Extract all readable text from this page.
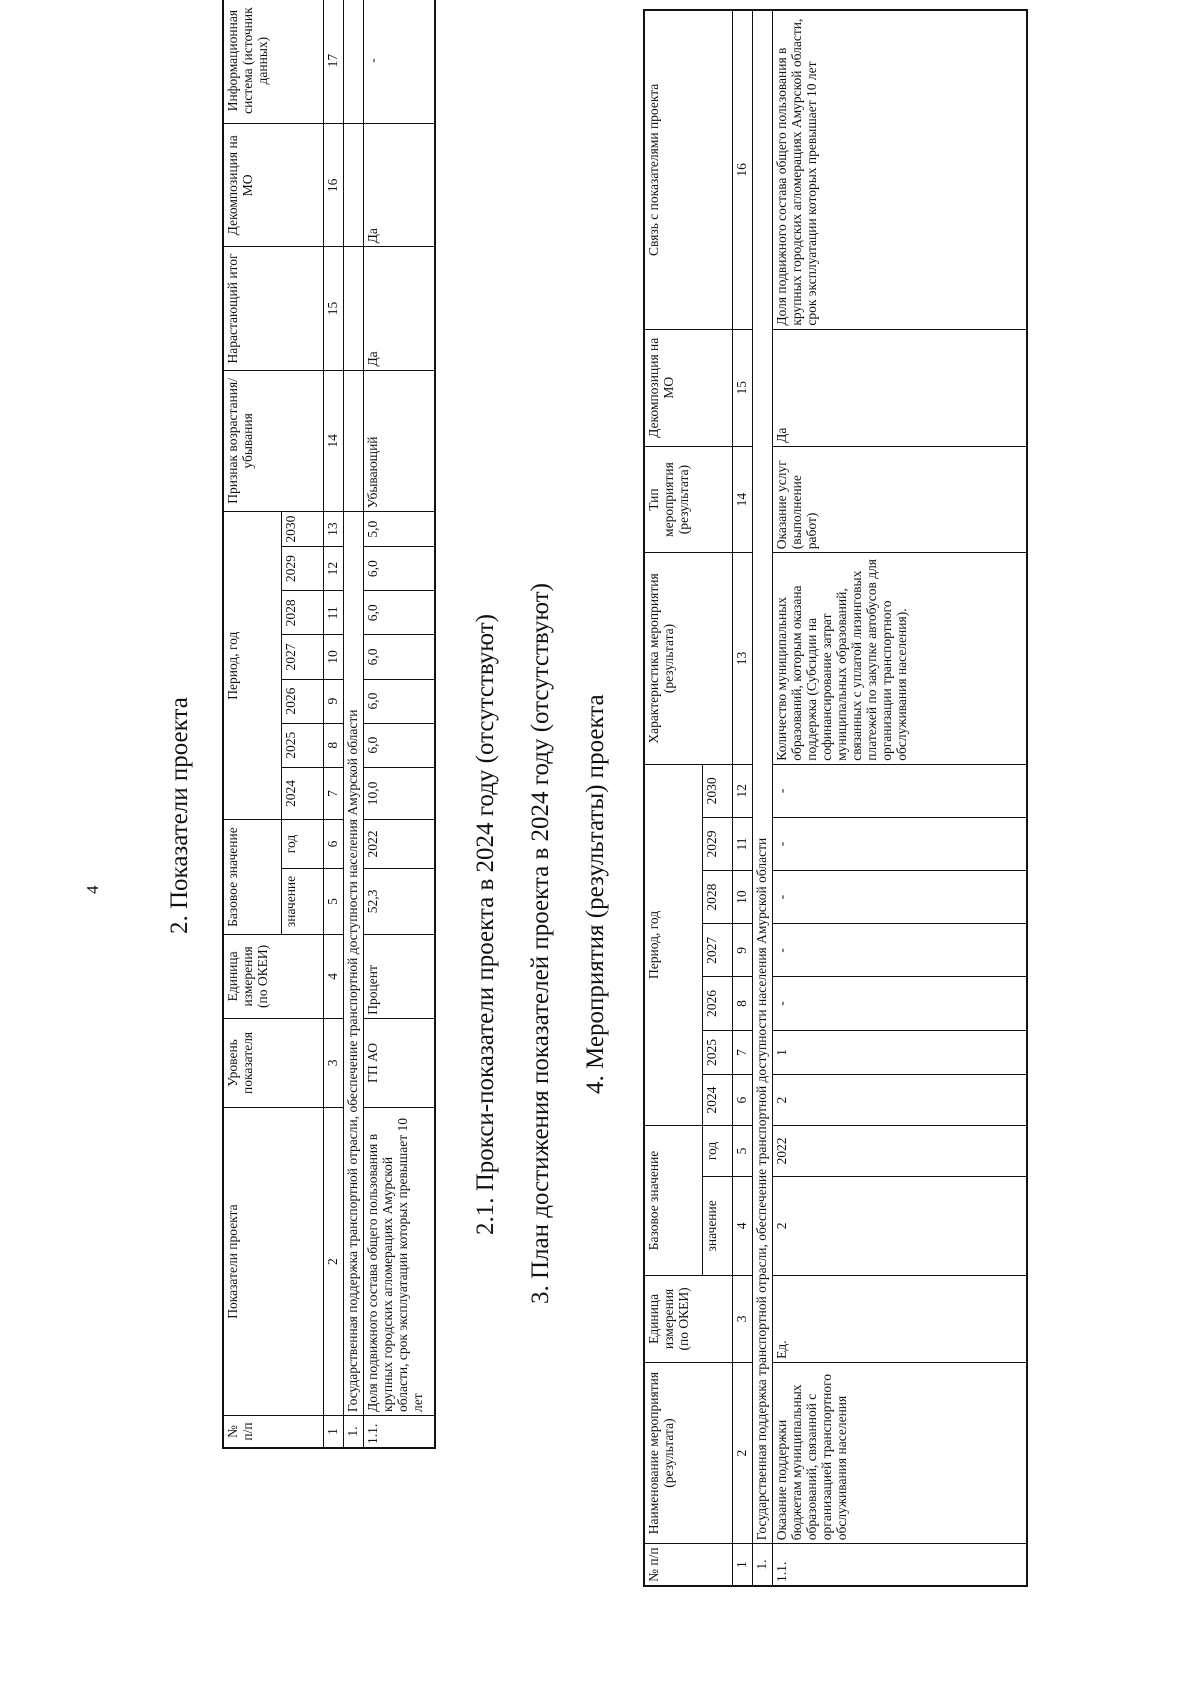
4	2. Показатели проекта
№ п/п	Показатели проекта	Уровень показателя	Единица измерения (по ОКЕИ)	Базовое значение		Период, год							Признак возрастания/ убывания	Нарастающий итог	Декомпозиция на МО	Информационная система (источник данных)
				значение	год	2024	2025	2026	2027	2028	2029	2030				
1	2	3	4	5	6	7	8	9	10	11	12	13	14	15	16	17
1.	Государственная поддержка транспортной отрасли, обеспечение транспортной доступности населения Амурской области															
1.1.	Доля подвижного состава общего пользования в крупных городских агломерациях Амурской области, срок эксплуатации которых превышает 10 лет	ГП АО	Процент	52,3	2022	10,0	6,0	6,0	6,0	6,0	6,0	5,0	Убывающий	Да	Да	-
2.1. Прокси-показатели проекта в 2024 году (отсутствуют) 3. План достижения показателей проекта в 2024 году (отсутствуют) 4. Мероприятия (результаты) проекта
№ п/п	Наименование мероприятия (результата)	Единица измерения (по ОКЕИ)	Базовое значение		Период, год							Характеристика мероприятия (результата)	Тип мероприятия (результата)	Декомпозиция на МО	Связь с показателями проекта
			значение	год	2024	2025	2026	2027	2028	2029	2030				
1	2	3	4	5	6	7	8	9	10	11	12	13	14	15	16
1.	Государственная поддержка транспортной отрасли, обеспечение транспортной доступности населения Амурской области														
1.1.	Оказание поддержки бюджетам муниципальных образований, связанной с организацией транспортного обслуживания населения	Ед.	2	2022	2	1	-	-	-	-	-	Количество муниципальных образований, которым оказана поддержка (Субсидии на софинансирование затрат муниципальных образований, связанных с уплатой лизинговых платежей по закупке автобусов для организации транспортного обслуживания населения).	Оказание услуг (выполнение работ)	Да	Доля подвижного состава общего пользования в крупных городских агломерациях Амурской области, срок эксплуатации которых превышает 10 лет
